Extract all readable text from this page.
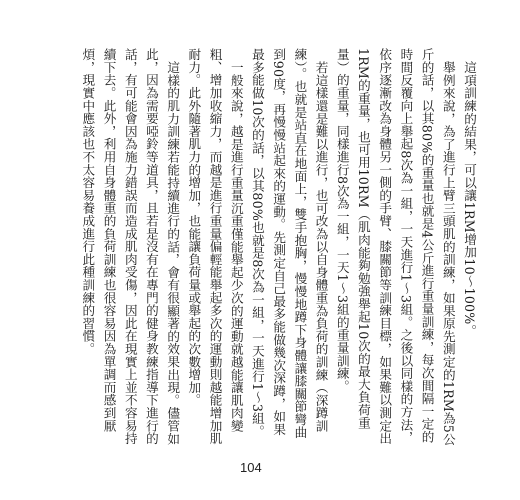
這項訓練的結果，可以讓1RM增加10～100%。

舉例來說，為了進行上臂三頭肌的訓練，如果原先測定的1RM為5公斤的話，以其80%的重量也就是4公斤進行重量訓練，每次間隔一定的時間反覆向上舉起8次為一組，一天進行1～3組。之後以同樣的方法，依序逐漸改為身體另一側的手臂、膝關節等訓練目標，如果難以測定出1RM的重量，也可用10RM（肌肉能夠勉強舉起10次的最大負荷重量）的重量，同樣進行8次為一組，一天1～3組的重量訓練。

若這樣還是難以進行，也可改為以自身體重為負荷的訓練（深蹲訓練）。也就是站直在地面上，雙手抱胸，慢慢地蹲下身體讓膝關節彎曲到90度，再慢慢站起來的運動。先測定自己最多能做幾次深蹲，如果最多能做10次的話，以其80%也就是8次為一組，一天進行1～3組。

一般來說，越是進行重量沉重僅能舉起少次的運動就越能讓肌肉變粗、增加收縮力，而越是進行重量偏輕能舉起多次的運動則越能增加肌耐力。此外隨著肌力的增加，也能讓負荷量或舉起的次數增加。

這樣的肌力訓練若能持續進行的話，會有很顯著的效果出現。儘管如此，因為需要啞鈴等道具，且若是沒有在專門的健身教練指導下進行的話，有可能會因為施力錯誤而造成肌肉受傷，因此在現實上並不容易持續下去。此外，利用自身體重的負荷訓練也很容易因為單調而感到厭煩，現實中應該也不太容易養成進行此種訓練的習慣。

104
